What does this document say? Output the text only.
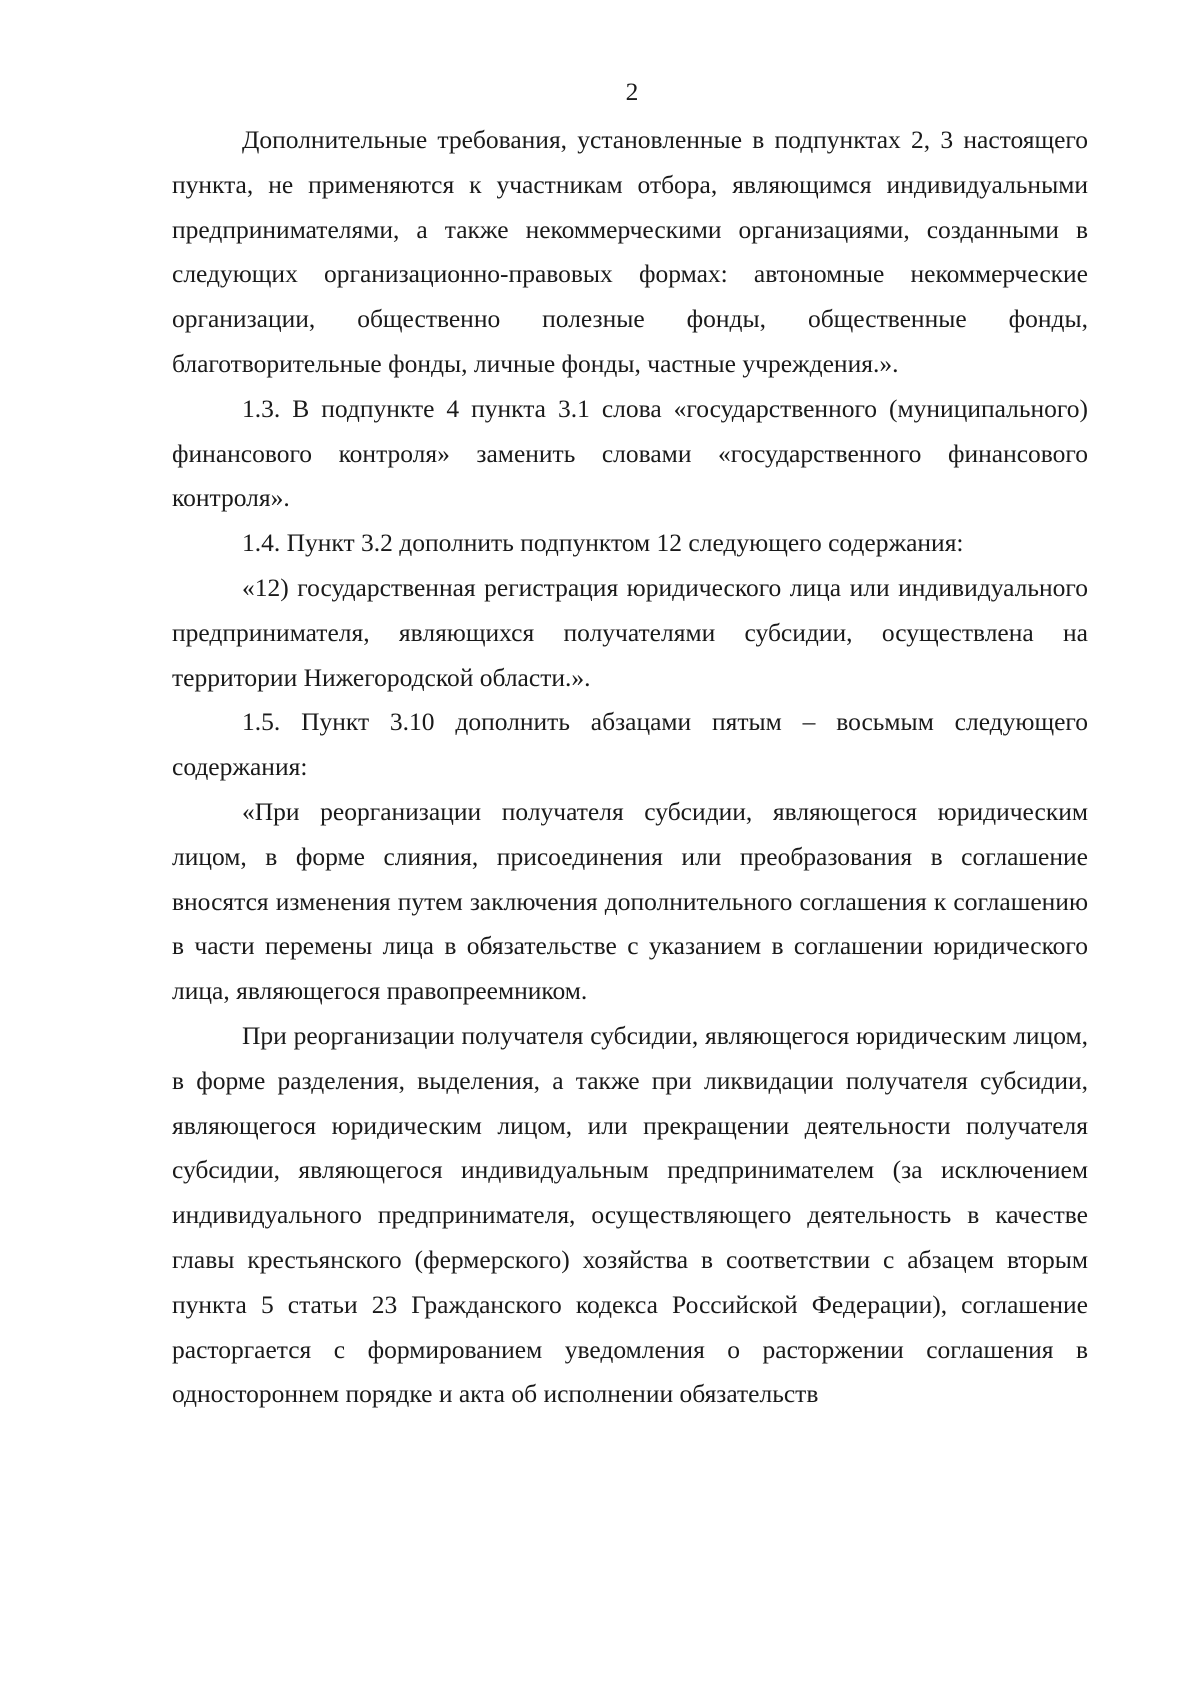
2

Дополнительные требования, установленные в подпунктах 2, 3 настоящего пункта, не применяются к участникам отбора, являющимся индивидуальными предпринимателями, а также некоммерческими организациями, созданными в следующих организационно-правовых формах: автономные некоммерческие организации, общественно полезные фонды, общественные фонды, благотворительные фонды, личные фонды, частные учреждения.».

1.3. В подпункте 4 пункта 3.1 слова «государственного (муниципального) финансового контроля» заменить словами «государственного финансового контроля».

1.4. Пункт 3.2 дополнить подпунктом 12 следующего содержания:

«12) государственная регистрация юридического лица или индивидуального предпринимателя, являющихся получателями субсидии, осуществлена на территории Нижегородской области.».

1.5. Пункт 3.10 дополнить абзацами пятым – восьмым следующего содержания:

«При реорганизации получателя субсидии, являющегося юридическим лицом, в форме слияния, присоединения или преобразования в соглашение вносятся изменения путем заключения дополнительного соглашения к соглашению в части перемены лица в обязательстве с указанием в соглашении юридического лица, являющегося правопреемником.

При реорганизации получателя субсидии, являющегося юридическим лицом, в форме разделения, выделения, а также при ликвидации получателя субсидии, являющегося юридическим лицом, или прекращении деятельности получателя субсидии, являющегося индивидуальным предпринимателем (за исключением индивидуального предпринимателя, осуществляющего деятельность в качестве главы крестьянского (фермерского) хозяйства в соответствии с абзацем вторым пункта 5 статьи 23 Гражданского кодекса Российской Федерации), соглашение расторгается с формированием уведомления о расторжении соглашения в одностороннем порядке и акта об исполнении обязательств
